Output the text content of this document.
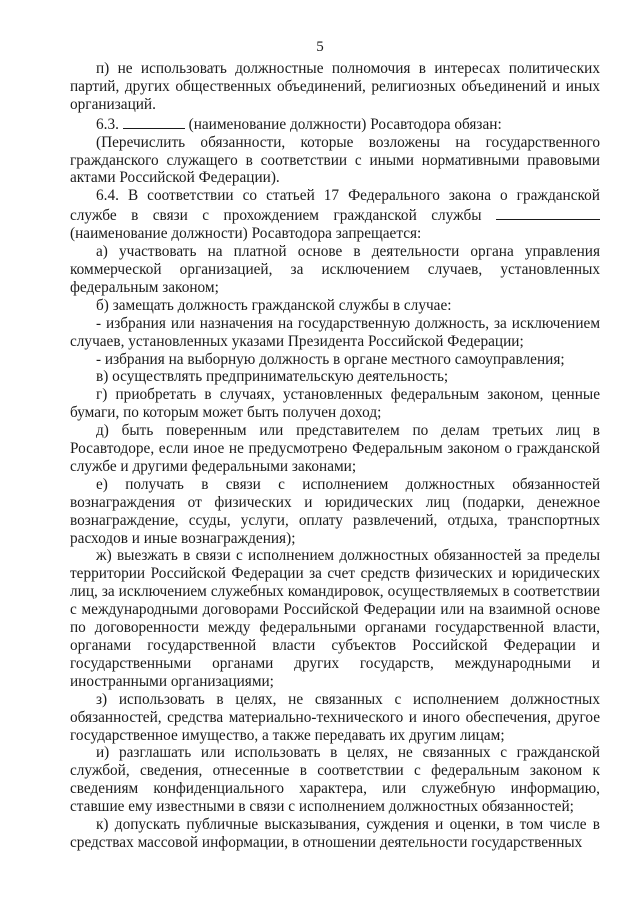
5

п) не использовать должностные полномочия в интересах политических партий, других общественных объединений, религиозных объединений и иных организаций.

6.3.	(наименование должности) Росавтодора обязан:

(Перечислить обязанности, которые возложены на государственного гражданского служащего в соответствии с иными нормативными правовыми актами Российской Федерации).

6.4. В соответствии со статьей 17 Федерального закона о гражданской службе в связи с прохождением гражданской службы  (наименование должности) Росавтодора запрещается:

а) участвовать на платной основе в деятельности органа управления коммерческой организацией, за исключением случаев, установленных федеральным законом;

б) замещать должность гражданской службы в случае:

- избрания или назначения на государственную должность, за исключением случаев, установленных указами Президента Российской Федерации;

- избрания на выборную должность в органе местного самоуправления;

в) осуществлять предпринимательскую деятельность;

г) приобретать в случаях, установленных федеральным законом, ценные бумаги, по которым может быть получен доход;

д) быть поверенным или представителем по делам третьих лиц в Росавтодоре, если иное не предусмотрено Федеральным законом о гражданской службе и другими федеральными законами;

е) получать в связи с исполнением должностных обязанностей вознаграждения от физических и юридических лиц (подарки, денежное вознаграждение, ссуды, услуги, оплату развлечений, отдыха, транспортных расходов и иные вознаграждения);

ж) выезжать в связи с исполнением должностных обязанностей за пределы территории Российской Федерации за счет средств физических и юридических лиц, за исключением служебных командировок, осуществляемых в соответствии с международными договорами Российской Федерации или на взаимной основе по договоренности между федеральными органами государственной власти, органами государственной власти субъектов Российской Федерации и государственными органами других государств, международными и иностранными организациями;

з) использовать в целях, не связанных с исполнением должностных обязанностей, средства материально-технического и иного обеспечения, другое государственное имущество, а также передавать их другим лицам;

и) разглашать или использовать в целях, не связанных с гражданской службой, сведения, отнесенные в соответствии с федеральным законом к сведениям конфиденциального характера, или служебную информацию, ставшие ему известными в связи с исполнением должностных обязанностей;

к) допускать публичные высказывания, суждения и оценки, в том числе в средствах массовой информации, в отношении деятельности государственных
